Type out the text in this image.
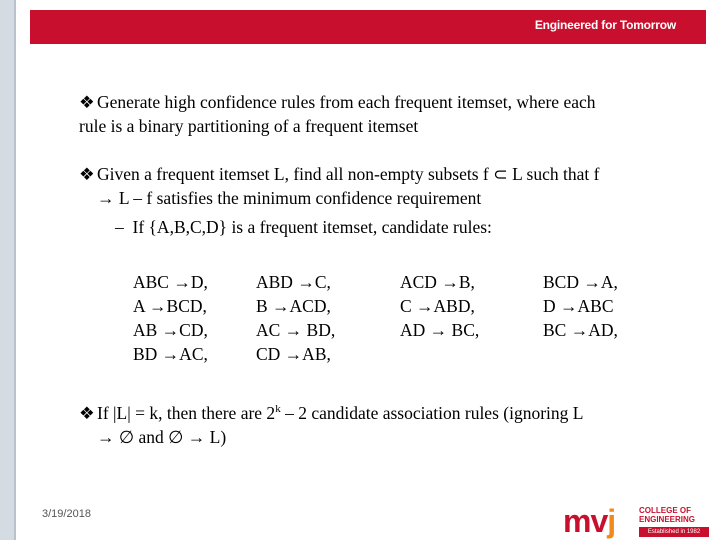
Engineered for Tomorrow
❖ Generate high confidence rules from each frequent itemset, where each
rule is a binary partitioning of a frequent itemset
❖ Given a frequent itemset L, find all non-empty subsets f ⊂ L such that f
→ L – f satisfies the minimum confidence requirement
– If {A,B,C,D} is a frequent itemset, candidate rules:
ABC →D,
A →BCD,
AB →CD,
BD →AC,
ABD →C,
B →ACD,
AC → BD,
CD →AB,
ACD →B,
C →ABD,
AD → BC,
BCD →A,
D →ABC
BC →AD,
❖ If |L| = k, then there are 2$^k$ – 2 candidate association rules (ignoring L
→ ∅ and ∅ → L)
3/19/2018	mvj	COLLEGE OF
ENGINEERING
Established in 1982
